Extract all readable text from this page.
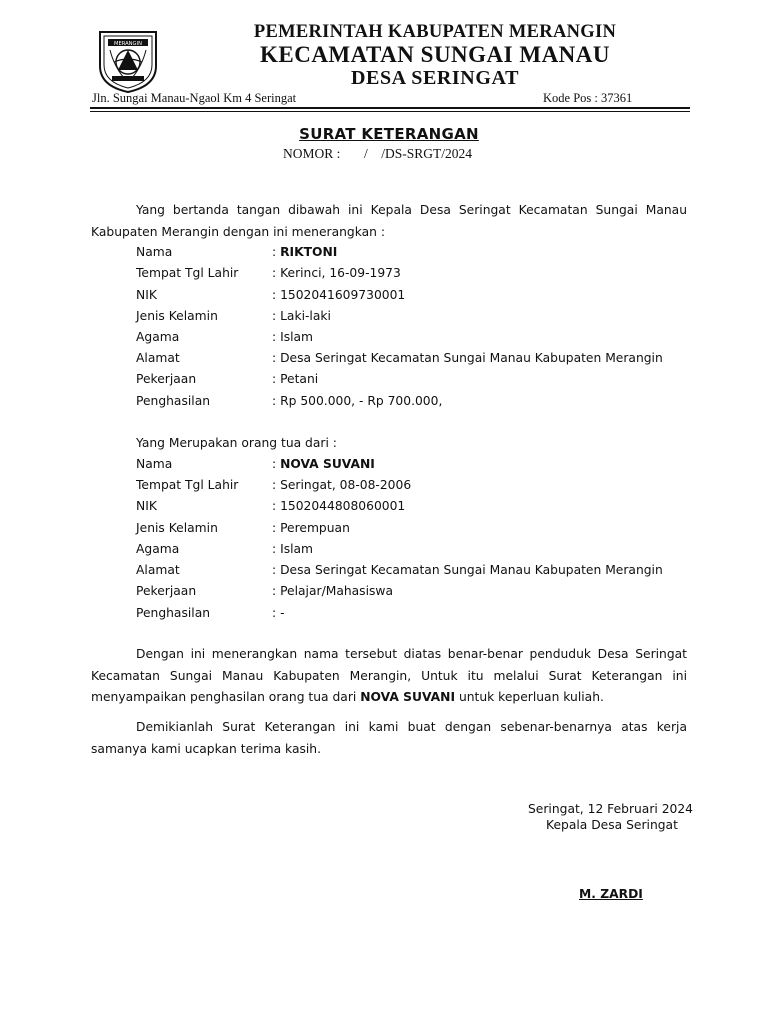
MERANGIN
PEMERINTAH KABUPATEN MERANGIN
KECAMATAN SUNGAI MANAU
DESA SERINGAT
Jln. Sungai Manau-Ngaol Km 4 Seringat	Kode Pos : 37361
SURAT KETERANGAN
NOMOR :       /    /DS-SRGT/2024
Yang bertanda tangan dibawah ini Kepala Desa Seringat Kecamatan Sungai Manau Kabupaten Merangin dengan ini menerangkan :
Nama	: RIKTONI
Tempat Tgl Lahir	: Kerinci, 16-09-1973
NIK	: 1502041609730001
Jenis Kelamin	: Laki-laki
Agama	: Islam
Alamat	: Desa Seringat Kecamatan Sungai Manau Kabupaten Merangin
Pekerjaan	: Petani
Penghasilan	: Rp 500.000, - Rp 700.000,
Yang Merupakan orang tua dari :
Nama	: NOVA SUVANI
Tempat Tgl Lahir	: Seringat, 08-08-2006
NIK	: 1502044808060001
Jenis Kelamin	: Perempuan
Agama	: Islam
Alamat	: Desa Seringat Kecamatan Sungai Manau Kabupaten Merangin
Pekerjaan	: Pelajar/Mahasiswa
Penghasilan	: -
Dengan ini menerangkan nama tersebut diatas benar-benar penduduk Desa Seringat Kecamatan Sungai Manau Kabupaten Merangin, Untuk itu melalui Surat Keterangan ini menyampaikan penghasilan orang tua dari NOVA SUVANI untuk keperluan kuliah.
Demikianlah Surat Keterangan ini kami buat dengan sebenar-benarnya atas kerja samanya kami ucapkan terima kasih.
Seringat, 12 Februari 2024
Kepala Desa Seringat
M. ZARDI
